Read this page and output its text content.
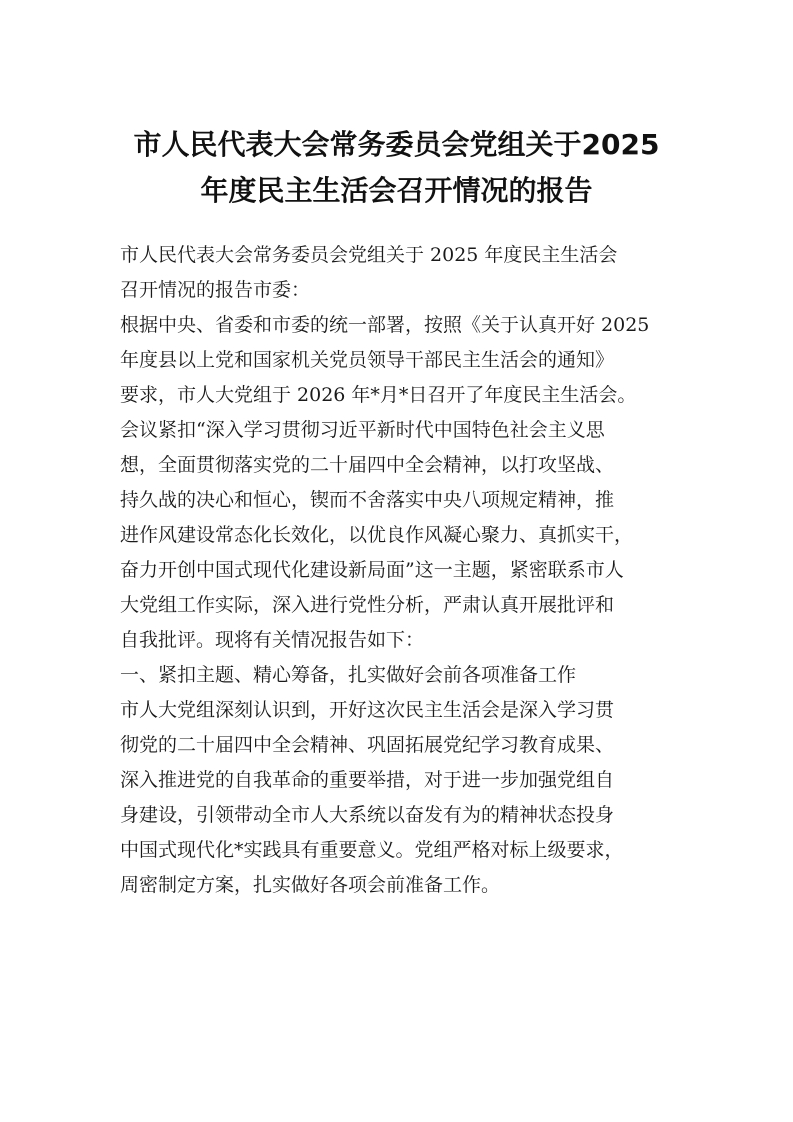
市人民代表大会常务委员会党组关于2025
年度民主生活会召开情况的报告
市人民代表大会常务委员会党组关于 2025 年度民主生活会
召开情况的报告市委：
根据中央、省委和市委的统一部署，按照《关于认真开好 2025
年度县以上党和国家机关党员领导干部民主生活会的通知》
要求，市人大党组于 2026 年*月*日召开了年度民主生活会。
会议紧扣“深入学习贯彻习近平新时代中国特色社会主义思
想，全面贯彻落实党的二十届四中全会精神，以打攻坚战、
持久战的决心和恒心，锲而不舍落实中央八项规定精神，推
进作风建设常态化长效化，以优良作风凝心聚力、真抓实干，
奋力开创中国式现代化建设新局面”这一主题，紧密联系市人
大党组工作实际，深入进行党性分析，严肃认真开展批评和
自我批评。现将有关情况报告如下：
一、紧扣主题、精心筹备，扎实做好会前各项准备工作
市人大党组深刻认识到，开好这次民主生活会是深入学习贯
彻党的二十届四中全会精神、巩固拓展党纪学习教育成果、
深入推进党的自我革命的重要举措，对于进一步加强党组自
身建设，引领带动全市人大系统以奋发有为的精神状态投身
中国式现代化*实践具有重要意义。党组严格对标上级要求，
周密制定方案，扎实做好各项会前准备工作。
